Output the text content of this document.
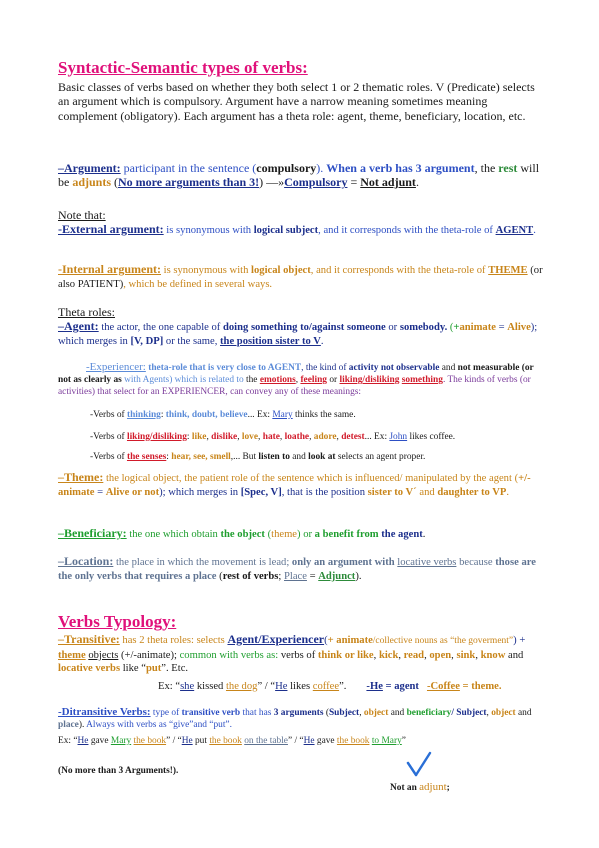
Syntactic-Semantic types of verbs:
Basic classes of verbs based on whether they both select 1 or 2 thematic roles. V (Predicate) selects an argument which is compulsory. Argument have a narrow meaning sometimes meaning complement (obligatory). Each argument has a theta role: agent, theme, beneficiary, location, etc.
–Argument: participant in the sentence (compulsory). When a verb has 3 argument, the rest will be adjunts (No more arguments than 3!) —»Compulsory = Not adjunt.
Note that:
-External argument: is synonymous with logical subject, and it corresponds with the theta-role of AGENT.
-Internal argument: is synonymous with logical object, and it corresponds with the theta-role of THEME (or also PATIENT), which be defined in several ways.
Theta roles:
–Agent: the actor, the one capable of doing something to/against someone or somebody. (+animate = Alive); which merges in [V, DP] or the same, the position sister to V.
-Experiencer: theta-role that is very close to AGENT, the kind of activity not observable and not measurable (or not as clearly as with Agents) which is related to the emotions, feeling or liking/disliking something. The kinds of verbs (or activities) that select for an EXPERIENCER, can convey any of these meanings:
-Verbs of thinking: think, doubt, believe... Ex: Mary thinks the same.
-Verbs of liking/disliking: like, dislike, love, hate, loathe, adore, detest... Ex: John likes coffee.
-Verbs of the senses: hear, see, smell,... But listen to and look at selects an agent proper.
–Theme: the logical object, the patient role of the sentence which is influenced/ manipulated by the agent (+/- animate = Alive or not); which merges in [Spec, V], that is the position sister to V´ and daughter to VP.
–Beneficiary: the one which obtain the object (theme) or a benefit from the agent.
–Location: the place in which the movement is lead; only an argument with locative verbs because those are the only verbs that requires a place (rest of verbs; Place = Adjunct).
Verbs Typology:
–Transitive: has 2 theta roles: selects Agent/Experiencer(+ animate/collective nouns as “the goverment”) + theme objects (+/-animate); common with verbs as: verbs of think or like, kick, read, open, sink, know and locative verbs like “put”. Etc.
Ex: “she kissed the dog” / “He likes coffee”. -He = agent -Coffee = theme.
-Ditransitive Verbs: type of transitive verb that has 3 arguments (Subject, object and beneficiary/ Subject, object and place). Always with verbs as “give”and “put”.
Ex: “He gave Mary the book” / “He put the book on the table” / “He gave the book to Mary”
(No more than 3 Arguments!).
Not an adjunt;
